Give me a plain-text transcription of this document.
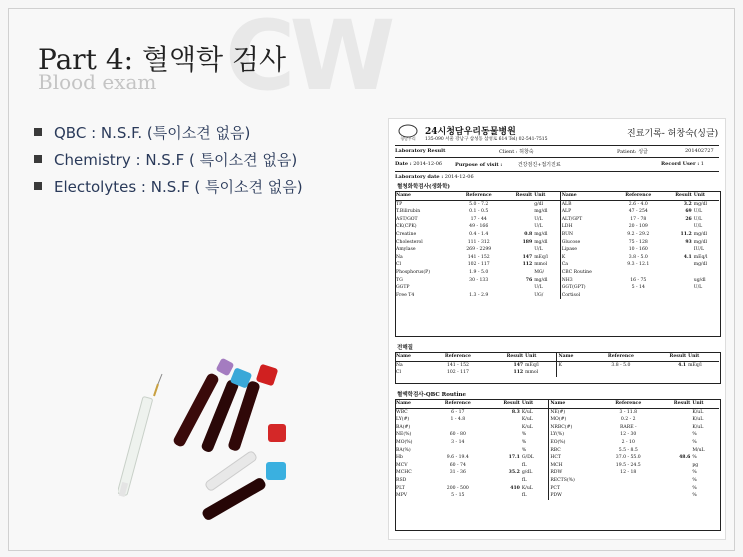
CW
Part 4: 혈액학 검사
Blood exam
QBC : N.S.F. (특이소견 없음)
Chemistry : N.S.F ( 특이소견 없음)
Electolytes : N.S.F ( 특이소견 없음)
청담우리
24시청담우리동물병원
135-090 서울 강남구 삼성동 삼성로 614 Tel) 02-541-7515
진료기록- 허창숙(싱글)
Laboratory Result	Client : 허창숙	Patient: 싱글	201402727
Date : 2014-12-06	Purpose of visit :	건강검진+접기진료	Record User : 1
Laboratory date : 2014-12-06
혈청화학검사(생화학)
Name	Reference	Result	Unit	Name	Reference	Result	Unit
TP	5.0 - 7.2		g/dl	ALB	2.6 - 4.0	3.2	mg/dl
T.Bilirubin	0.1 - 0.5		mg/dl	ALP	47 - 254	69	U/L
AST/GOT	17 - 44		U/L	ALT/GPT	17 - 78	26	U/L
CK(CPK)	49 - 166		U/L	LDH	20 - 109		U/L
Creatine	0.4 - 1.4	0.8	mg/dl	BUN	9.2 - 29.2	11.2	mg/dl
Cholesterol	111 - 312	189	mg/dl	Glucose	75 - 128	93	mg/dl
Amylase	269 - 2299		U/L	Lipase	10 - 160		IU/L
Na	141 - 152	147	mEq/l	K	3.8 - 5.0	4.1	mEq/l
Cl	102 - 117	112	mmol	Ca	9.3 - 12.1		mg/dl
Phosphorus(P)	1.9 - 5.0		MG/	CBC Routine			
TG	30 - 133	76	mg/dl	NH3	16 - 75		ug/dl
GGTP			U/L	GGT(GPT)	5 - 14		U/L
Free T4	1.3 - 2.9		UG/	Cortisol			
전해질
Name	Reference	Result	Unit	Name	Reference	Result	Unit
Na	141 - 152	147	mEq/l	K	3.8 - 5.0	4.1	mEq/l
Cl	102 - 117	112	mmol				
혈액학검사-QBC Routine
Name	Reference	Result	Unit	Name	Reference	Result	Unit
WBC	6 - 17	8.3	K/uL	NE(#)	3 - 11.8		K/uL
LY(#)	1 - 4.8		K/uL	MO(#)	0.2 - 2		K/uL
BA(#)			K/uL	NRBC(#)	RARE -		K/uL
NE(%)	60 - 80		%	LY(%)	12 - 30		%
MO(%)	3 - 14		%	EO(%)	2 - 10		%
BA(%)			%	RBC	5.5 - 8.5		M/uL
Hb	9.6 - 19.4	17.1	G/DL	HCT	37.0 - 55.0	48.6	%
MCV	60 - 74		fL	MCH	19.5 - 24.5		pg
MCHC	31 - 36	35.2	g/dL	RDW	12 - 18		%
RSD			fL	RECTS(%)			%
PLT	200 - 500	410	K/uL	PCT			%
MPV	5 - 15		fL	PDW			%
